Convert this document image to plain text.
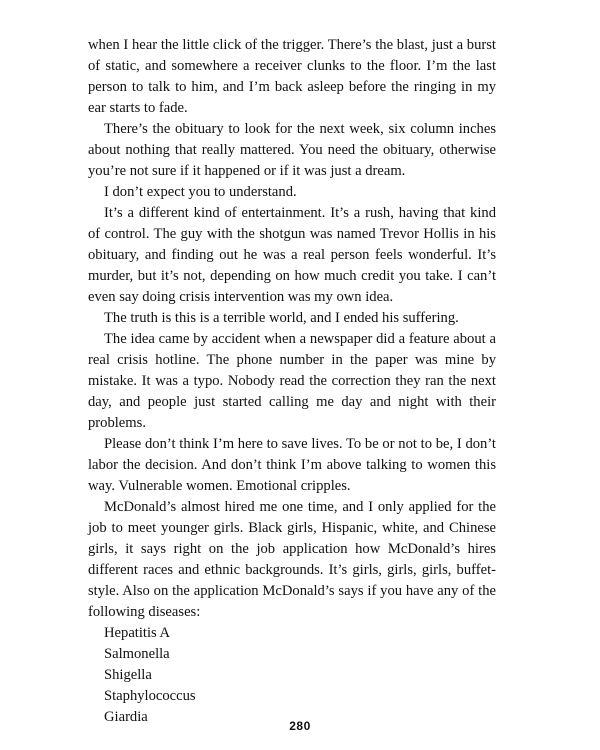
when I hear the little click of the trigger. There’s the blast, just a burst of static, and somewhere a receiver clunks to the floor. I’m the last person to talk to him, and I’m back asleep before the ringing in my ear starts to fade.

There’s the obituary to look for the next week, six column inches about nothing that really mattered. You need the obituary, otherwise you’re not sure if it happened or if it was just a dream.

I don’t expect you to understand.

It’s a different kind of entertainment. It’s a rush, having that kind of control. The guy with the shotgun was named Trevor Hollis in his obituary, and finding out he was a real person feels wonderful. It’s murder, but it’s not, depending on how much credit you take. I can’t even say doing crisis intervention was my own idea.

The truth is this is a terrible world, and I ended his suffering.

The idea came by accident when a newspaper did a feature about a real crisis hotline. The phone number in the paper was mine by mistake. It was a typo. Nobody read the correction they ran the next day, and people just started calling me day and night with their problems.

Please don’t think I’m here to save lives. To be or not to be, I don’t labor the decision. And don’t think I’m above talking to women this way. Vulnerable women. Emotional cripples.

McDonald’s almost hired me one time, and I only applied for the job to meet younger girls. Black girls, Hispanic, white, and Chinese girls, it says right on the job application how McDonald’s hires different races and ethnic backgrounds. It’s girls, girls, girls, buffet-style. Also on the application McDonald’s says if you have any of the following diseases:

Hepatitis A
Salmonella
Shigella
Staphylococcus
Giardia
280
